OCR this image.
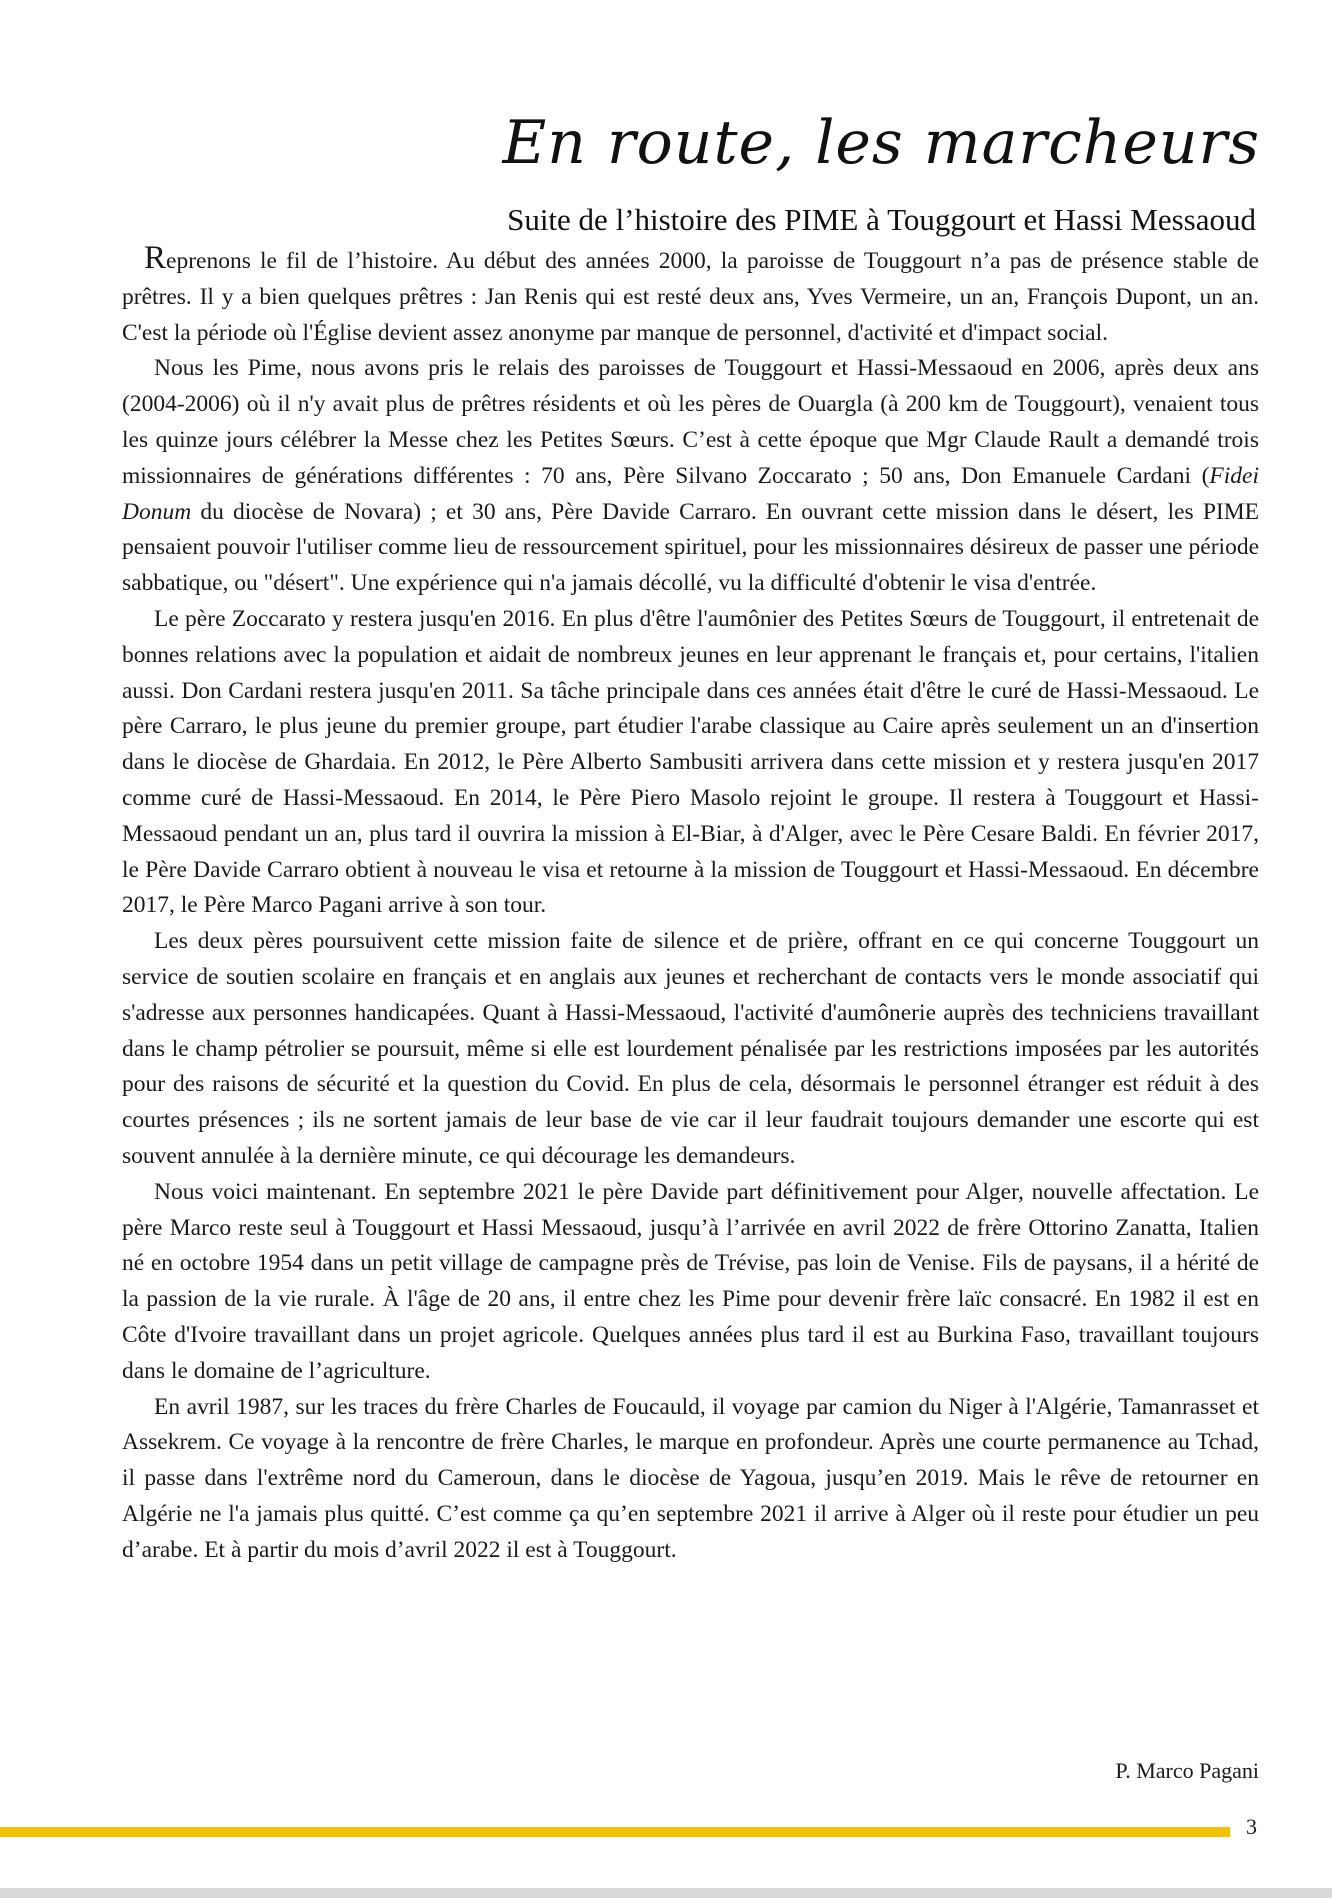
En route, les marcheurs
Suite de l’histoire des PIME à Touggourt et Hassi Messaoud

Reprenons le fil de l’histoire. Au début des années 2000, la paroisse de Touggourt n’a pas de présence stable de prêtres. Il y a bien quelques prêtres : Jan Renis qui est resté deux ans, Yves Vermeire, un an, François Dupont, un an. C'est la période où l'Église devient assez anonyme par manque de personnel, d'activité et d'impact social.

Nous les Pime, nous avons pris le relais des paroisses de Touggourt et Hassi-Messaoud en 2006, après deux ans (2004-2006) où il n'y avait plus de prêtres résidents et où les pères de Ouargla (à 200 km de Touggourt), venaient tous les quinze jours célébrer la Messe chez les Petites Sœurs. C’est à cette époque que Mgr Claude Rault a demandé trois missionnaires de générations différentes : 70 ans, Père Silvano Zoccarato ; 50 ans, Don Emanuele Cardani (Fidei Donum du diocèse de Novara) ; et 30 ans, Père Davide Carraro. En ouvrant cette mission dans le désert, les PIME pensaient pouvoir l'utiliser comme lieu de ressourcement spirituel, pour les missionnaires désireux de passer une période sabbatique, ou "désert". Une expérience qui n'a jamais décollé, vu la difficulté d'obtenir le visa d'entrée.

Le père Zoccarato y restera jusqu'en 2016. En plus d'être l'aumônier des Petites Sœurs de Touggourt, il entretenait de bonnes relations avec la population et aidait de nombreux jeunes en leur apprenant le français et, pour certains, l'italien aussi. Don Cardani restera jusqu'en 2011. Sa tâche principale dans ces années était d'être le curé de Hassi-Messaoud. Le père Carraro, le plus jeune du premier groupe, part étudier l'arabe classique au Caire après seulement un an d'insertion dans le diocèse de Ghardaia. En 2012, le Père Alberto Sambusiti arrivera dans cette mission et y restera jusqu'en 2017 comme curé de Hassi-Messaoud. En 2014, le Père Piero Masolo rejoint le groupe. Il restera à Touggourt et Hassi-Messaoud pendant un an, plus tard il ouvrira la mission à El-Biar, à d'Alger, avec le Père Cesare Baldi. En février 2017, le Père Davide Carraro obtient à nouveau le visa et retourne à la mission de Touggourt et Hassi-Messaoud. En décembre 2017, le Père Marco Pagani arrive à son tour.

Les deux pères poursuivent cette mission faite de silence et de prière, offrant en ce qui concerne Touggourt un service de soutien scolaire en français et en anglais aux jeunes et recherchant de contacts vers le monde associatif qui s'adresse aux personnes handicapées. Quant à Hassi-Messaoud, l'activité d'aumônerie auprès des techniciens travaillant dans le champ pétrolier se poursuit, même si elle est lourdement pénalisée par les restrictions imposées par les autorités pour des raisons de sécurité et la question du Covid. En plus de cela, désormais le personnel étranger est réduit à des courtes présences ; ils ne sortent jamais de leur base de vie car il leur faudrait toujours demander une escorte qui est souvent annulée à la dernière minute, ce qui décourage les demandeurs.

Nous voici maintenant. En septembre 2021 le père Davide part définitivement pour Alger, nouvelle affectation. Le père Marco reste seul à Touggourt et Hassi Messaoud, jusqu’à l’arrivée en avril 2022 de frère Ottorino Zanatta, Italien né en octobre 1954 dans un petit village de campagne près de Trévise, pas loin de Venise. Fils de paysans, il a hérité de la passion de la vie rurale. À l'âge de 20 ans, il entre chez les Pime pour devenir frère laïc consacré. En 1982 il est en Côte d'Ivoire travaillant dans un projet agricole. Quelques années plus tard il est au Burkina Faso, travaillant toujours dans le domaine de l’agriculture.

En avril 1987, sur les traces du frère Charles de Foucauld, il voyage par camion du Niger à l'Algérie, Tamanrasset et Assekrem. Ce voyage à la rencontre de frère Charles, le marque en profondeur. Après une courte permanence au Tchad, il passe dans l'extrême nord du Cameroun, dans le diocèse de Yagoua, jusqu’en 2019. Mais le rêve de retourner en Algérie ne l'a jamais plus quitté. C’est comme ça qu’en septembre 2021 il arrive à Alger où il reste pour étudier un peu d’arabe. Et à partir du mois d’avril 2022 il est à Touggourt.

P. Marco Pagani
3
